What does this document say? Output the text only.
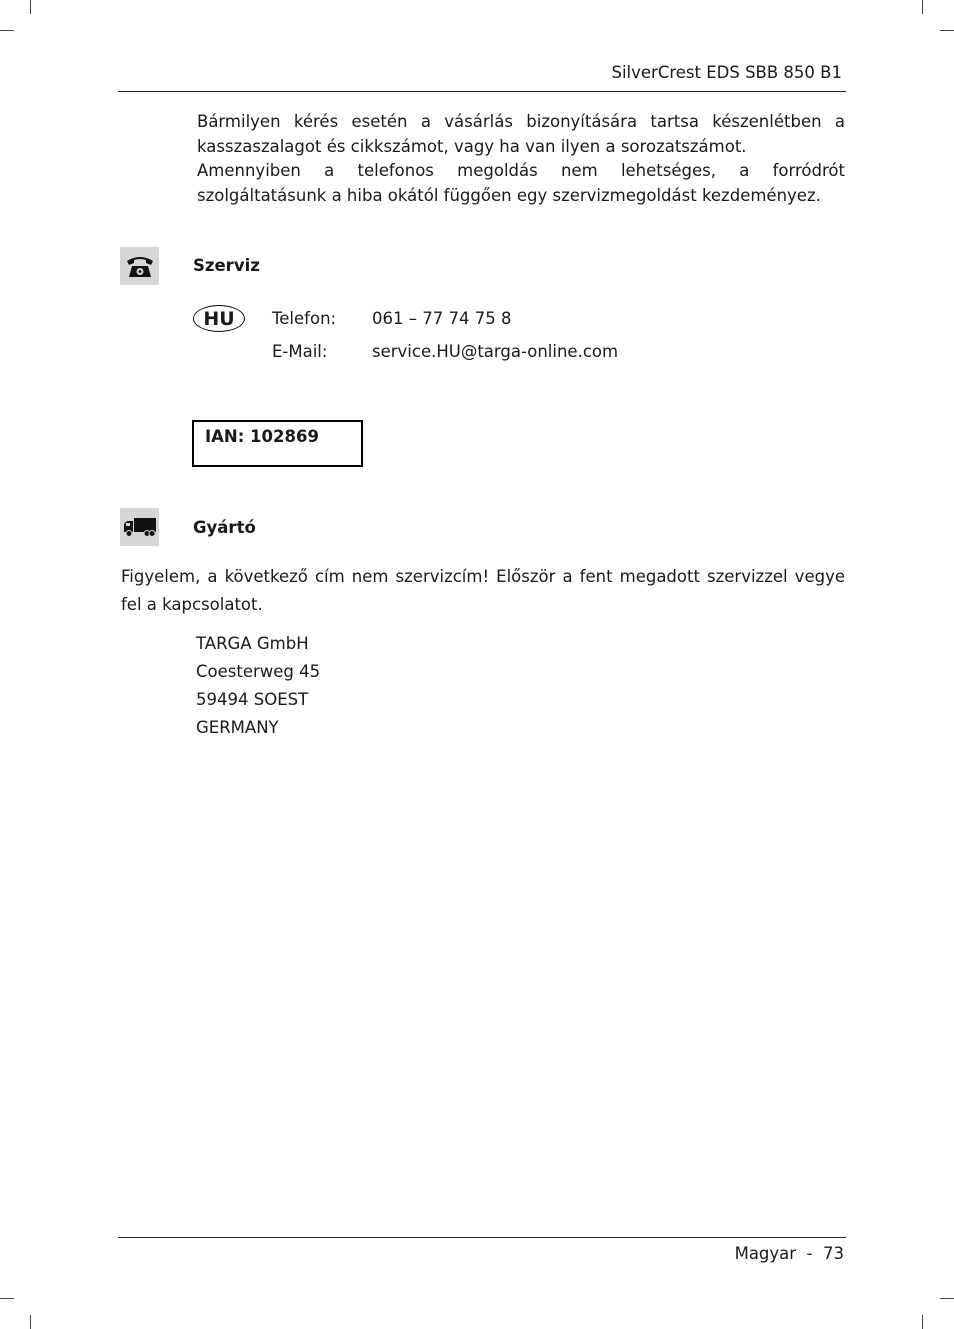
SilverCrest EDS SBB 850 B1

Bármilyen kérés esetén a vásárlás bizonyítására tartsa készenlétben a kasszaszalagot és cikkszámot, vagy ha van ilyen a sorozatszámot.

Amennyiben a telefonos megoldás nem lehetséges, a forródrót szolgáltatásunk a hiba okától függően egy szervizmegoldást kezdeményez.

Szerviz
HU	Telefon: 061 – 77 74 75 8
E-Mail:	service.HU@targa-online.com
IAN: 102869
Gyártó
Figyelem, a következő cím nem szervizcím! Először a fent megadott szervizzel vegye fel a kapcsolatot.
TARGA GmbH
Coesterweg 45
59494 SOEST
GERMANY
Magyar  -  73
